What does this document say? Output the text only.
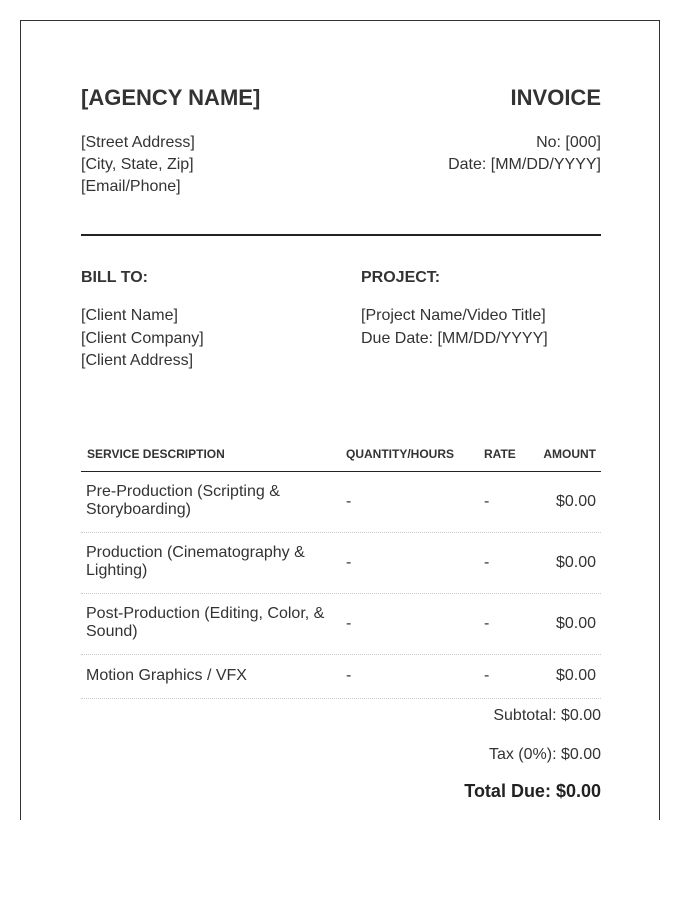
[AGENCY NAME]	INVOICE
[Street Address]
[City, State, Zip]
[Email/Phone]
No: [000]
Date: [MM/DD/YYYY]
BILL TO:
[Client Name]
[Client Company]
[Client Address]
PROJECT:
[Project Name/Video Title]
Due Date: [MM/DD/YYYY]
SERVICE DESCRIPTION	QUANTITY/HOURS	RATE AMOUNT
Pre-Production (Scripting & Storyboarding)	-	-	$0.00
Production (Cinematography & Lighting)	-	-	$0.00
Post-Production (Editing, Color, & Sound)	-	-	$0.00
Motion Graphics / VFX	-	-	$0.00
Subtotal: $0.00
Tax (0%): $0.00
Total Due: $0.00
